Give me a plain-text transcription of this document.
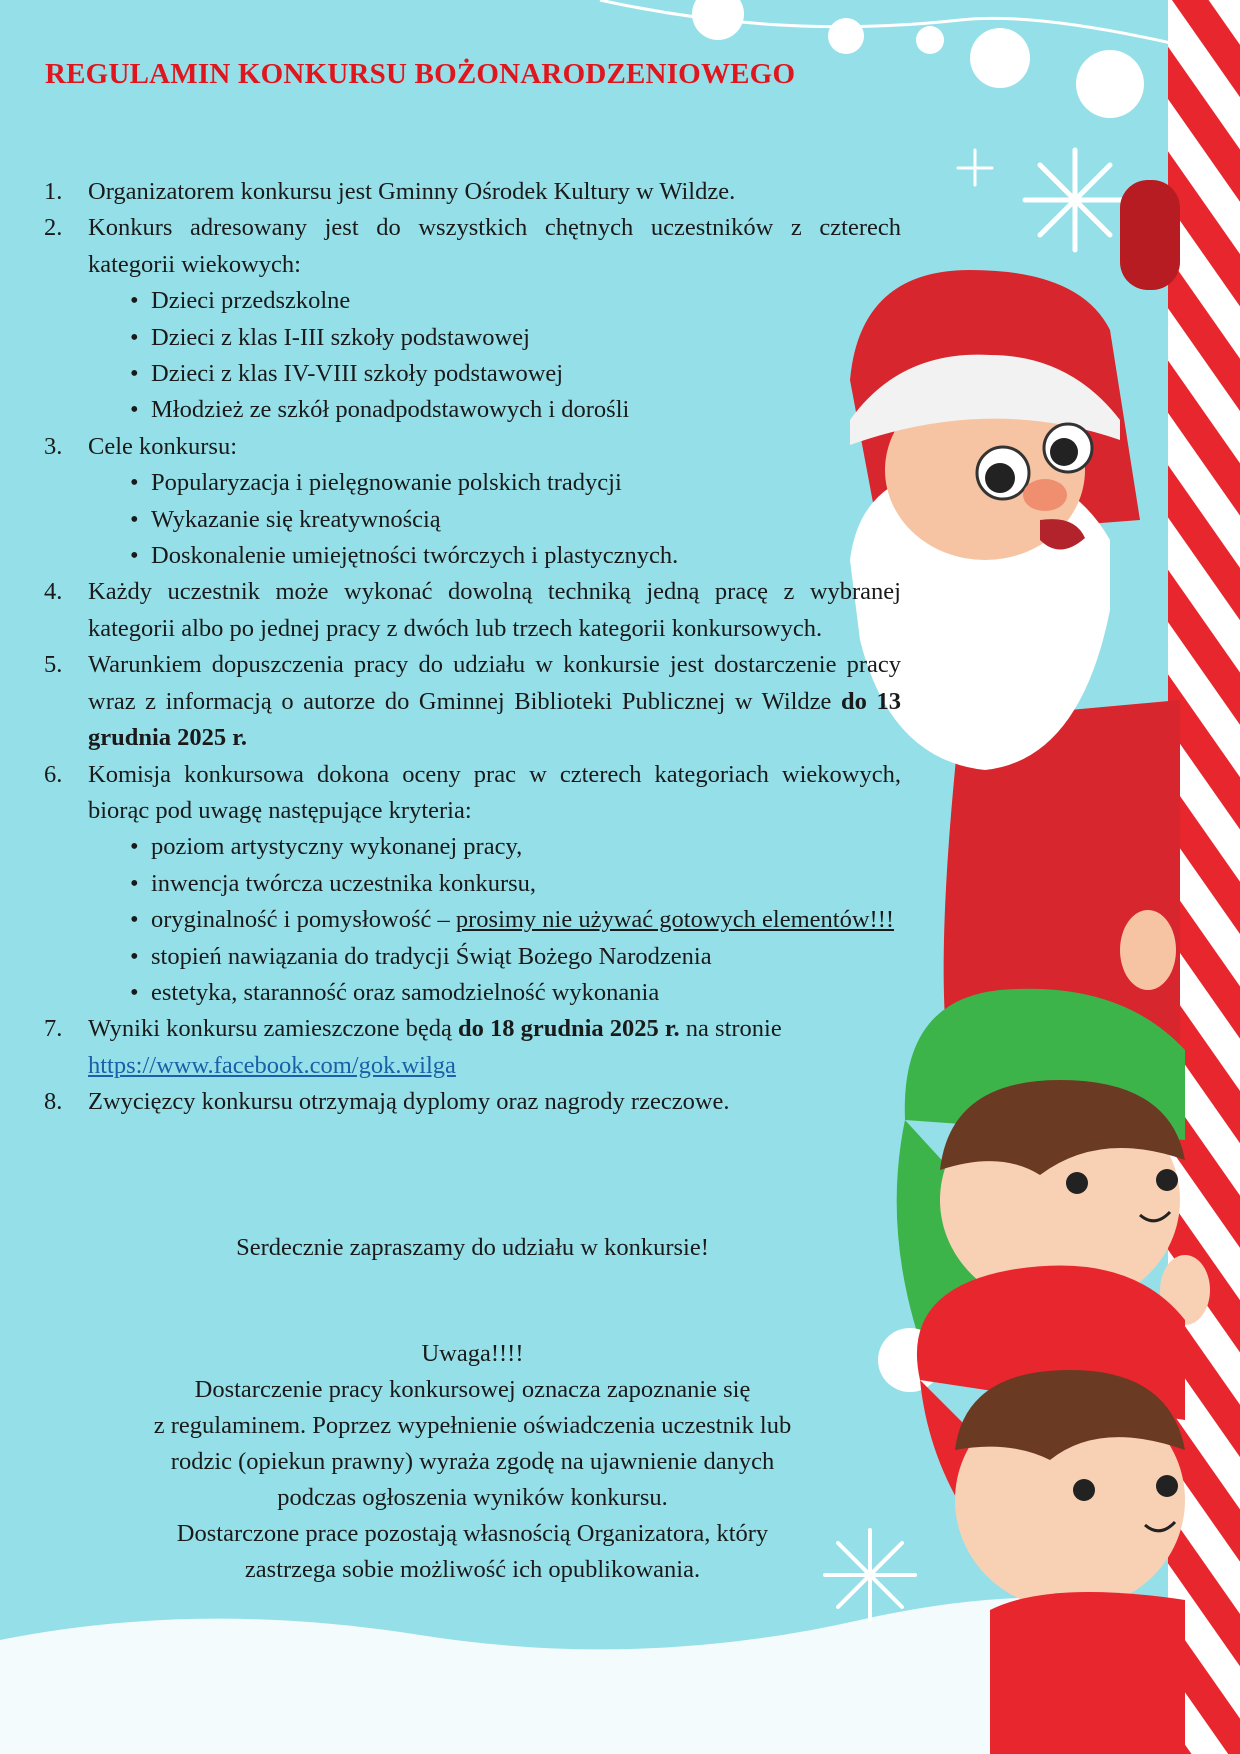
REGULAMIN KONKURSU BOŻONARODZENIOWEGO
1.	Organizatorem konkursu jest Gminny Ośrodek Kultury w Wildze.
2.	Konkurs adresowany jest do wszystkich chętnych uczestników z czterech kategorii wiekowych:
• Dzieci przedszkolne
• Dzieci z klas I-III szkoły podstawowej
• Dzieci z klas IV-VIII szkoły podstawowej
• Młodzież ze szkół ponadpodstawowych i dorośli
3.	Cele konkursu:
• Popularyzacja i pielęgnowanie polskich tradycji
• Wykazanie się kreatywnością
• Doskonalenie umiejętności twórczych i plastycznych.
4.	Każdy uczestnik może wykonać dowolną techniką jedną pracę z wybranej kategorii albo po jednej pracy z dwóch lub trzech kategorii konkursowych.
5.	Warunkiem dopuszczenia pracy do udziału w konkursie jest dostarczenie pracy wraz z informacją o autorze do Gminnej Biblioteki Publicznej w Wildze do 13 grudnia 2025 r.
6.	Komisja konkursowa dokona oceny prac w czterech kategoriach wiekowych, biorąc pod uwagę następujące kryteria:
• poziom artystyczny wykonanej pracy,
• inwencja twórcza uczestnika konkursu,
• oryginalność i pomysłowość – prosimy nie używać gotowych elementów!!!
• stopień nawiązania do tradycji Świąt Bożego Narodzenia
• estetyka, staranność oraz samodzielność wykonania
7.	Wyniki konkursu zamieszczone będą do 18 grudnia 2025 r. na stronie
https://www.facebook.com/gok.wilga
8.	Zwycięzcy konkursu otrzymają dyplomy oraz nagrody rzeczowe.
Serdecznie zapraszamy do udziału w konkursie!
Uwaga!!!!
Dostarczenie pracy konkursowej oznacza zapoznanie się
z regulaminem. Poprzez wypełnienie oświadczenia uczestnik lub
rodzic (opiekun prawny) wyraża zgodę na ujawnienie danych
podczas ogłoszenia wyników konkursu.
Dostarczone prace pozostają własnością Organizatora, który
zastrzega sobie możliwość ich opublikowania.
